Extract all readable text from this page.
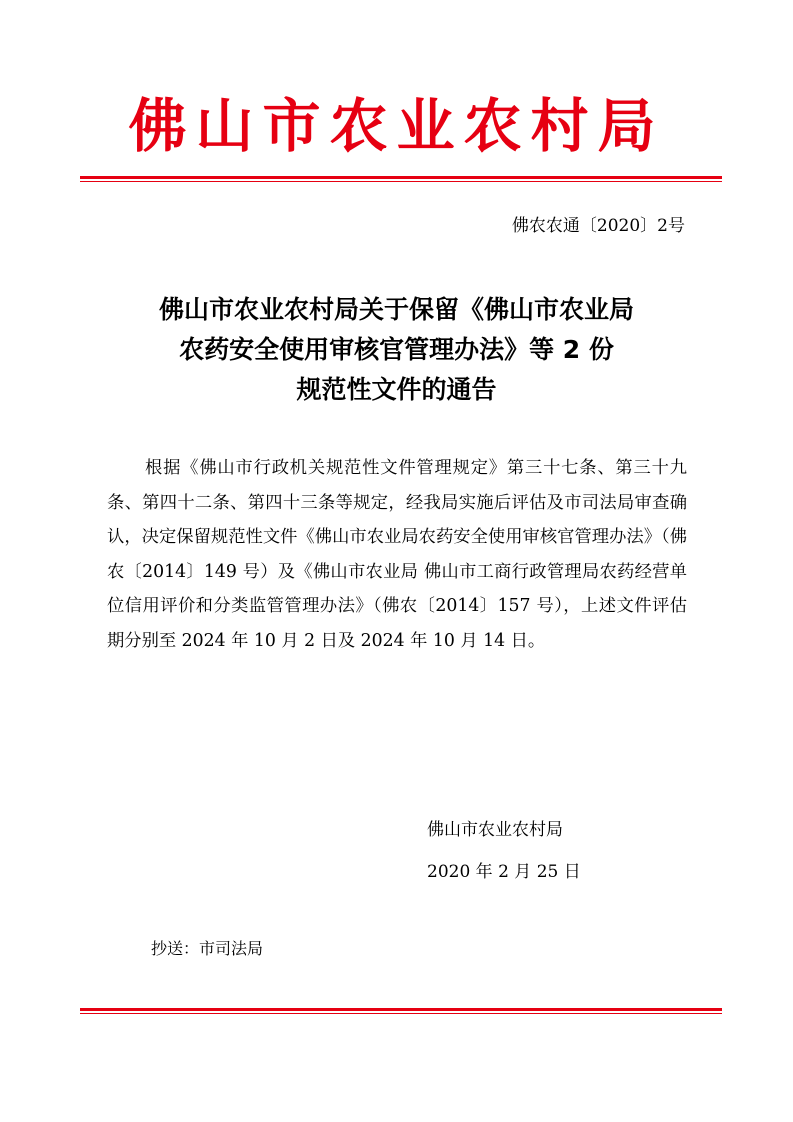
佛山市农业农村局
佛农农通〔2020〕2号
佛山市农业农村局关于保留《佛山市农业局
农药安全使用审核官管理办法》等 2 份
规范性文件的通告
根据《佛山市行政机关规范性文件管理规定》第三十七条、第三十九条、第四十二条、第四十三条等规定，经我局实施后评估及市司法局审查确认，决定保留规范性文件《佛山市农业局农药安全使用审核官管理办法》（佛农〔2014〕149 号）及《佛山市农业局 佛山市工商行政管理局农药经营单位信用评价和分类监管管理办法》（佛农〔2014〕157 号），上述文件评估期分别至 2024 年 10 月 2 日及 2024 年 10 月 14 日。
佛山市农业农村局
2020 年 2 月 25 日
抄送：市司法局
